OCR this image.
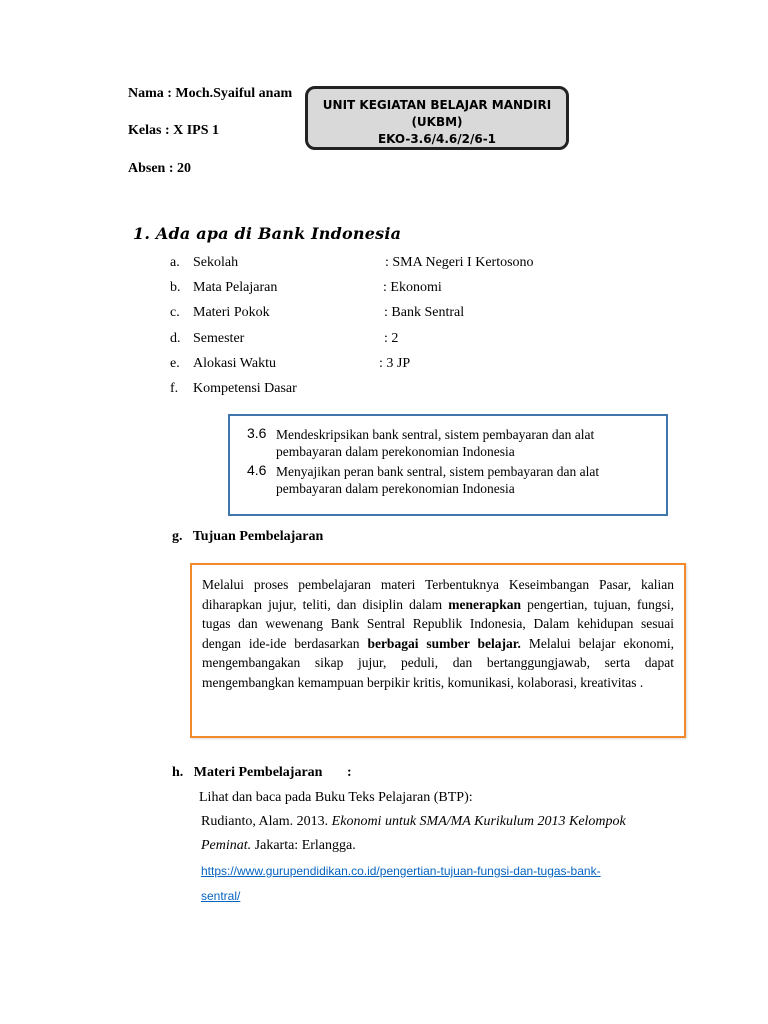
Nama : Moch.Syaiful anam
Kelas : X IPS 1
Absen : 20
UNIT KEGIATAN BELAJAR MANDIRI
(UKBM)
EKO-3.6/4.6/2/6-1
1. Ada apa di Bank Indonesia
a. Sekolah	: SMA Negeri I Kertosono
b. Mata Pelajaran	: Ekonomi
c. Materi Pokok	: Bank Sentral
d. Semester	: 2
e. Alokasi Waktu	: 3 JP
f. Kompetensi Dasar
3.6 Mendeskripsikan bank sentral, sistem pembayaran dan alat
pembayaran dalam perekonomian Indonesia
4.6 Menyajikan peran bank sentral, sistem pembayaran dan alat
pembayaran dalam perekonomian Indonesia
g.   Tujuan Pembelajaran
Melalui proses pembelajaran materi Terbentuknya Keseimbangan Pasar, kalian diharapkan jujur, teliti, dan disiplin dalam menerapkan pengertian, tujuan, fungsi, tugas dan wewenang Bank Sentral Republik Indonesia, Dalam kehidupan sesuai dengan ide-ide berdasarkan berbagai sumber belajar. Melalui belajar ekonomi, mengembangakan sikap jujur, peduli, dan bertanggungjawab, serta dapat mengembangkan kemampuan berpikir kritis, komunikasi, kolaborasi, kreativitas .
h.   Materi Pembelajaran       :
Lihat dan baca pada Buku Teks Pelajaran (BTP):
Rudianto, Alam. 2013. Ekonomi untuk SMA/MA Kurikulum 2013 Kelompok
Peminat. Jakarta: Erlangga.
https://www.gurupendidikan.co.id/pengertian-tujuan-fungsi-dan-tugas-bank-
sentral/
